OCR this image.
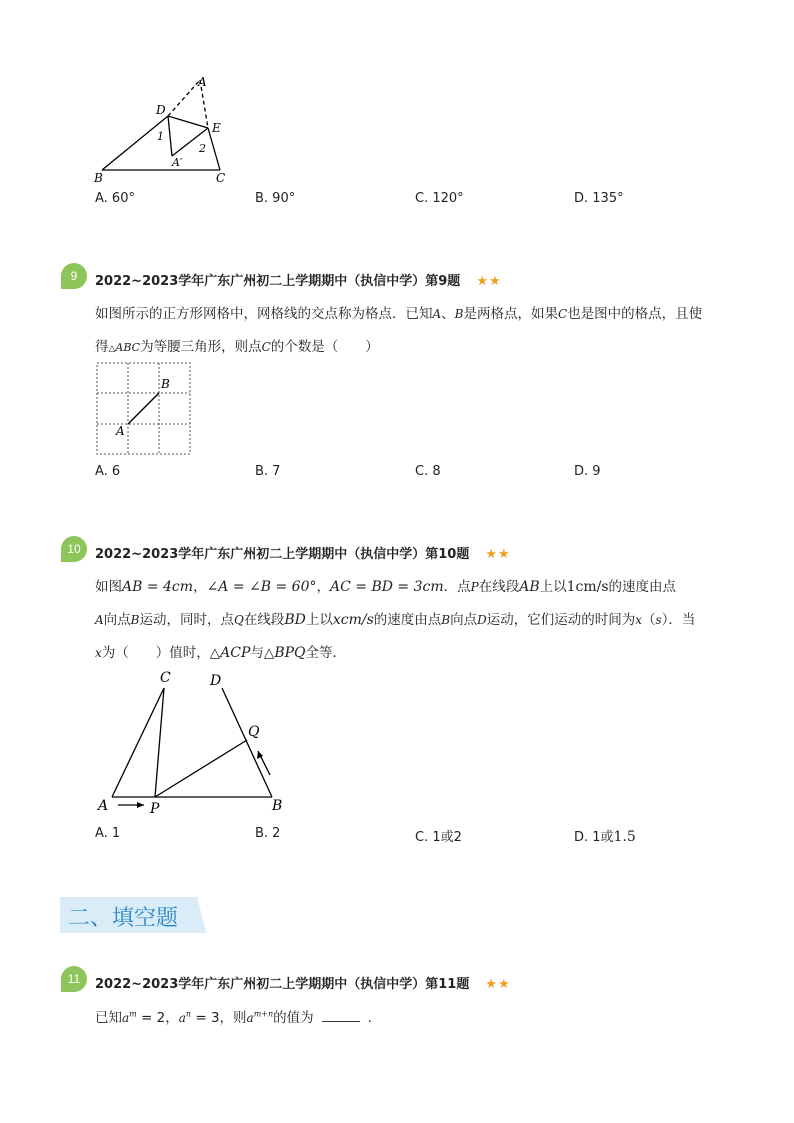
A
D
E
B	C
A′
1
2
A. 60°	B. 90°	C. 120°	D. 135°
9	2022~2023学年广东广州初二上学期期中（执信中学）第9题 ★★
如图所示的正方形网格中，网格线的交点称为格点．已知A、B是两格点，如果C也是图中的格点，且使
得△ABC为等腰三角形，则点C的个数是（　　）
B
A
A. 6	B. 7	C. 8	D. 9
10	2022~2023学年广东广州初二上学期期中（执信中学）第10题 ★★
如图AB = 4cm，∠A = ∠B = 60°，AC = BD = 3cm．点P在线段AB上以1cm/s的速度由点
A向点B运动，同时，点Q在线段BD上以xcm/s的速度由点B向点D运动，它们运动的时间为x（s）．当
x为（　　）值时，△ACP与△BPQ全等．
C	D
Q
A	P	B
A. 1	B. 2	C. 1或2	D. 1或1.5
二、填空题
11	2022~2023学年广东广州初二上学期期中（执信中学）第11题 ★★
已知$a^m = 2$，$a^n = 3$，则$a^{m+n}$的值为	.
